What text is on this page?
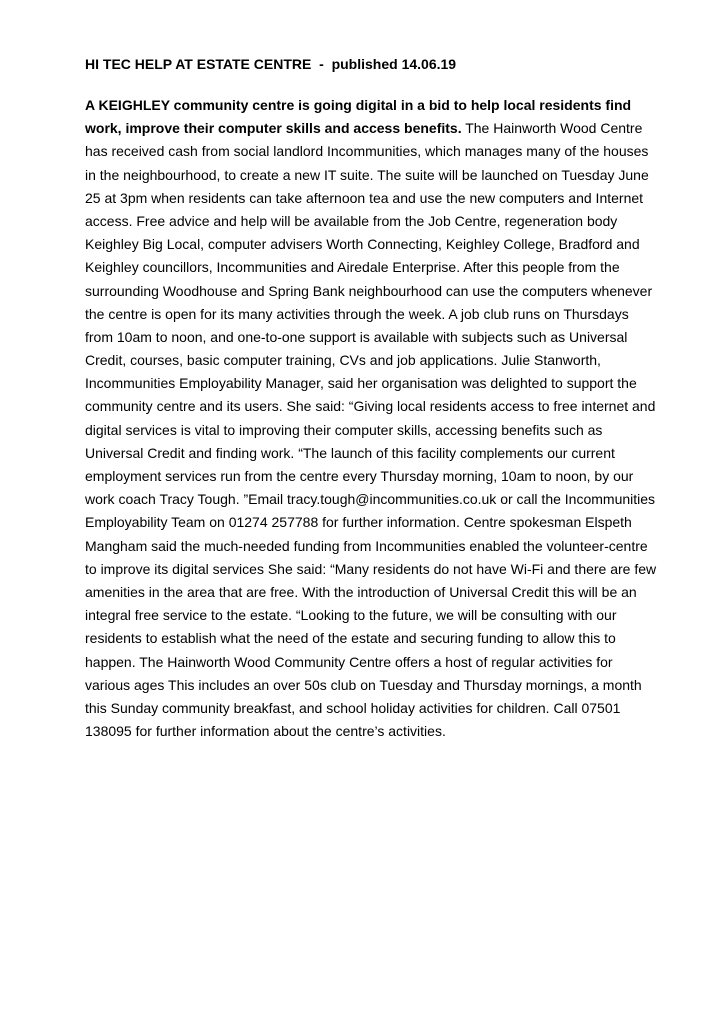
HI TEC HELP AT ESTATE CENTRE  -  published 14.06.19

A KEIGHLEY community centre is going digital in a bid to help local residents find
work, improve their computer skills and access benefits. The Hainworth Wood Centre
has received cash from social landlord Incommunities, which manages many of the houses
in the neighbourhood, to create a new IT suite. The suite will be launched on Tuesday June
25 at 3pm when residents can take afternoon tea and use the new computers and Internet
access. Free advice and help will be available from the Job Centre, regeneration body
Keighley Big Local, computer advisers Worth Connecting, Keighley College, Bradford and
Keighley councillors, Incommunities and Airedale Enterprise. After this people from the
surrounding Woodhouse and Spring Bank neighbourhood can use the computers whenever
the centre is open for its many activities through the week. A job club runs on Thursdays
from 10am to noon, and one-to-one support is available with subjects such as Universal
Credit, courses, basic computer training, CVs and job applications. Julie Stanworth,
Incommunities Employability Manager, said her organisation was delighted to support the
community centre and its users. She said: “Giving local residents access to free internet and
digital services is vital to improving their computer skills, accessing benefits such as
Universal Credit and finding work. “The launch of this facility complements our current
employment services run from the centre every Thursday morning, 10am to noon, by our
work coach Tracy Tough. ”Email tracy.tough@incommunities.co.uk or call the Incommunities
Employability Team on 01274 257788 for further information. Centre spokesman Elspeth
Mangham said the much-needed funding from Incommunities enabled the volunteer-centre
to improve its digital services She said: “Many residents do not have Wi-Fi and there are few
amenities in the area that are free. With the introduction of Universal Credit this will be an
integral free service to the estate. “Looking to the future, we will be consulting with our
residents to establish what the need of the estate and securing funding to allow this to
happen. The Hainworth Wood Community Centre offers a host of regular activities for
various ages This includes an over 50s club on Tuesday and Thursday mornings, a month
this Sunday community breakfast, and school holiday activities for children. Call 07501
138095 for further information about the centre’s activities.
